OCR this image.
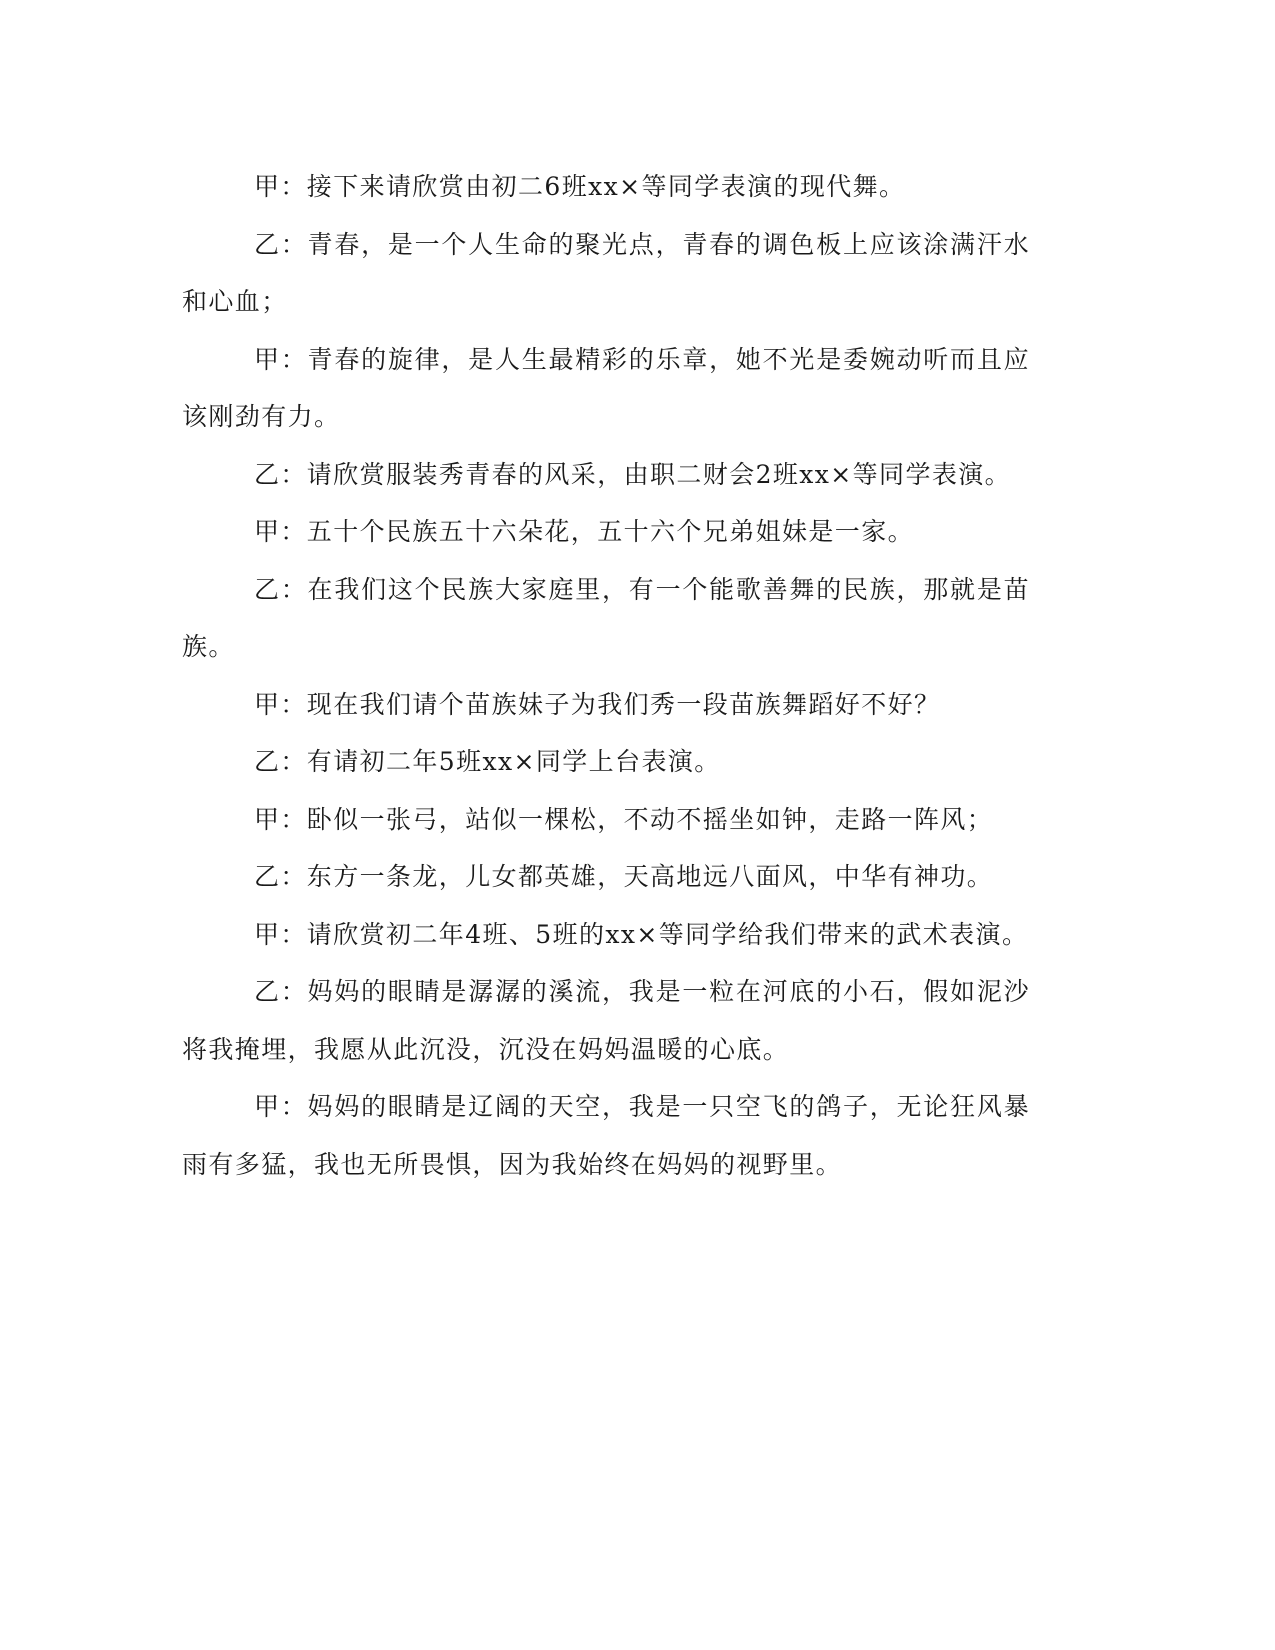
甲：接下来请欣赏由初二6班xx×等同学表演的现代舞。

乙：青春，是一个人生命的聚光点，青春的调色板上应该涂满汗水和心血；

甲：青春的旋律，是人生最精彩的乐章，她不光是委婉动听而且应该刚劲有力。

乙：请欣赏服装秀青春的风采，由职二财会2班xx×等同学表演。

甲：五十个民族五十六朵花，五十六个兄弟姐妹是一家。

乙：在我们这个民族大家庭里，有一个能歌善舞的民族，那就是苗族。

甲：现在我们请个苗族妹子为我们秀一段苗族舞蹈好不好？

乙：有请初二年5班xx×同学上台表演。

甲：卧似一张弓，站似一棵松，不动不摇坐如钟，走路一阵风；

乙：东方一条龙，儿女都英雄，天高地远八面风，中华有神功。

甲：请欣赏初二年4班、5班的xx×等同学给我们带来的武术表演。

乙：妈妈的眼睛是潺潺的溪流，我是一粒在河底的小石，假如泥沙将我掩埋，我愿从此沉没，沉没在妈妈温暖的心底。

甲：妈妈的眼睛是辽阔的天空，我是一只空飞的鸽子，无论狂风暴雨有多猛，我也无所畏惧，因为我始终在妈妈的视野里。
